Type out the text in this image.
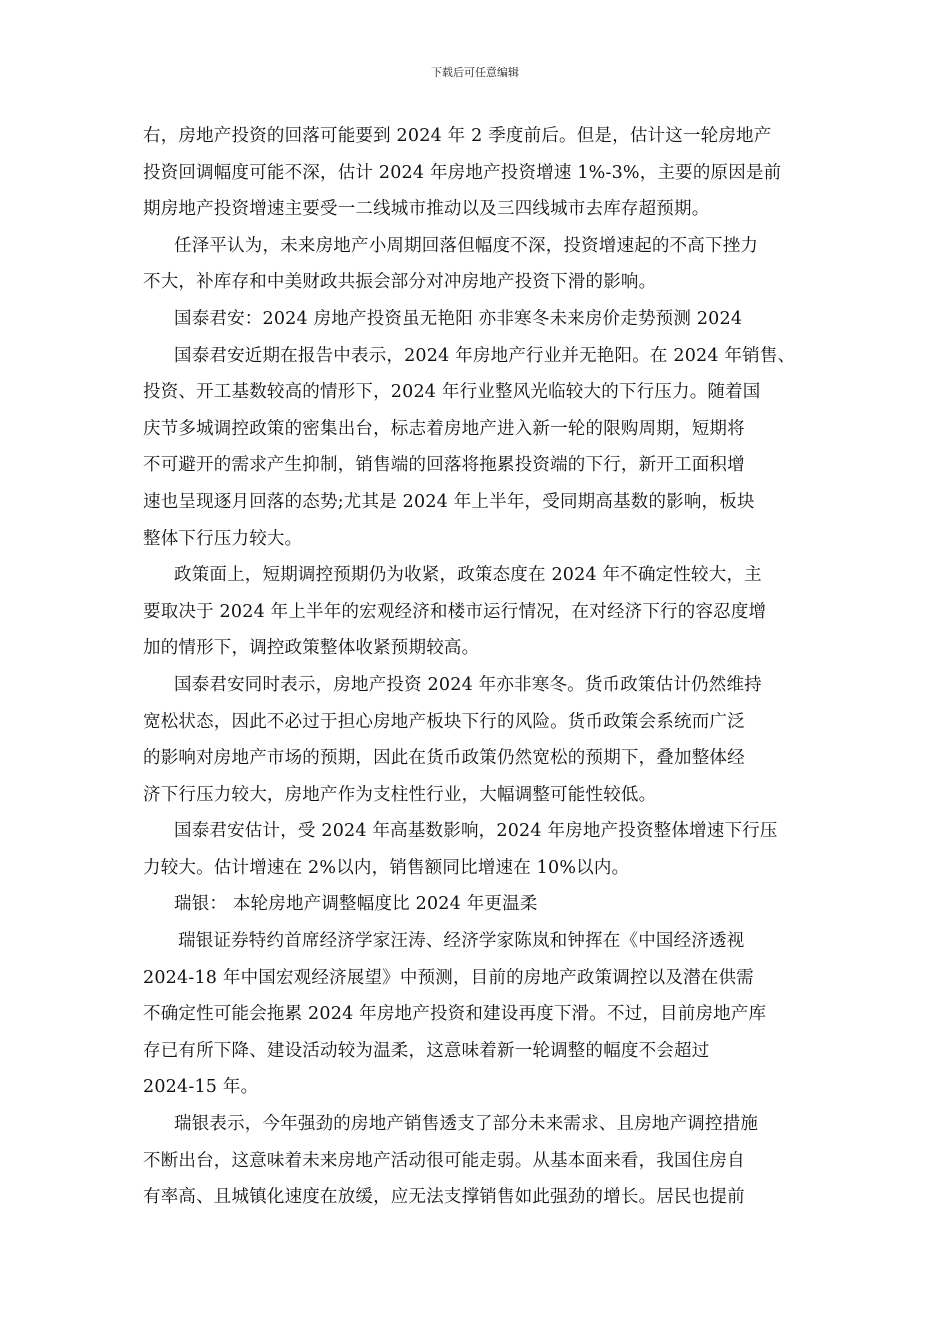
下载后可任意编辑
右，房地产投资的回落可能要到 2024 年 2 季度前后。但是，估计这一轮房地产
投资回调幅度可能不深，估计 2024 年房地产投资增速 1%-3%，主要的原因是前
期房地产投资增速主要受一二线城市推动以及三四线城市去库存超预期。
任泽平认为，未来房地产小周期回落但幅度不深，投资增速起的不高下挫力
不大，补库存和中美财政共振会部分对冲房地产投资下滑的影响。
国泰君安：2024 房地产投资虽无艳阳 亦非寒冬未来房价走势预测 2024
国泰君安近期在报告中表示，2024 年房地产行业并无艳阳。在 2024 年销售、
投资、开工基数较高的情形下，2024 年行业整风光临较大的下行压力。随着国
庆节多城调控政策的密集出台，标志着房地产进入新一轮的限购周期，短期将
不可避开的需求产生抑制，销售端的回落将拖累投资端的下行，新开工面积增
速也呈现逐月回落的态势;尤其是 2024 年上半年，受同期高基数的影响，板块
整体下行压力较大。
政策面上，短期调控预期仍为收紧，政策态度在 2024 年不确定性较大，主
要取决于 2024 年上半年的宏观经济和楼市运行情况，在对经济下行的容忍度增
加的情形下，调控政策整体收紧预期较高。
国泰君安同时表示，房地产投资 2024 年亦非寒冬。货币政策估计仍然维持
宽松状态，因此不必过于担心房地产板块下行的风险。货币政策会系统而广泛
的影响对房地产市场的预期，因此在货币政策仍然宽松的预期下，叠加整体经
济下行压力较大，房地产作为支柱性行业，大幅调整可能性较低。
国泰君安估计，受 2024 年高基数影响，2024 年房地产投资整体增速下行压
力较大。估计增速在 2%以内，销售额同比增速在 10%以内。
瑞银： 本轮房地产调整幅度比 2024 年更温柔
瑞银证券特约首席经济学家汪涛、经济学家陈岚和钟挥在《中国经济透视
2024-18 年中国宏观经济展望》中预测，目前的房地产政策调控以及潜在供需
不确定性可能会拖累 2024 年房地产投资和建设再度下滑。不过，目前房地产库
存已有所下降、建设活动较为温柔，这意味着新一轮调整的幅度不会超过
2024-15 年。
瑞银表示，今年强劲的房地产销售透支了部分未来需求、且房地产调控措施
不断出台，这意味着未来房地产活动很可能走弱。从基本面来看，我国住房自
有率高、且城镇化速度在放缓，应无法支撑销售如此强劲的增长。居民也提前
